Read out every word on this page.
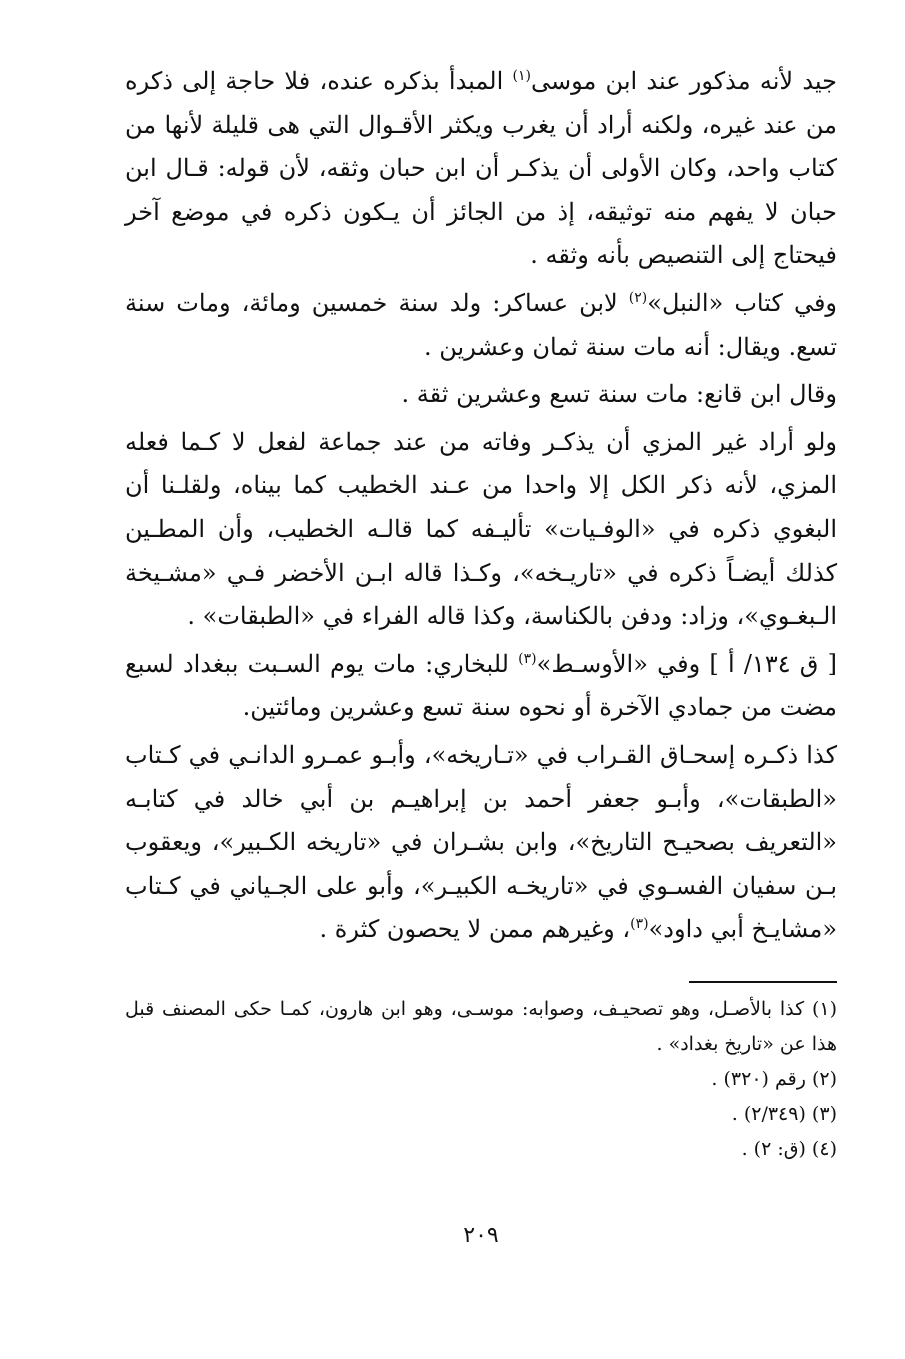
جيد لأنه مذكور عند ابن موسى$^{(١)}$ المبدأ بذكره عنده، فلا حاجة إلى ذكره من عند غيره، ولكنه أراد أن يغرب ويكثر الأقـوال التي هى قليلة لأنها من كتاب واحد، وكان الأولى أن يذكـر أن ابن حبان وثقه، لأن قوله: قـال ابن حبان لا يفهم منه توثيقه، إذ من الجائز أن يـكون ذكره في موضع آخر فيحتاج إلى التنصيص بأنه وثقه .

وفي كتاب «النبل»$^{(٢)}$ لابن عساكر: ولد سنة خمسين ومائة، ومات سنة تسع. ويقال: أنه مات سنة ثمان وعشرين .

وقال ابن قانع: مات سنة تسع وعشرين ثقة .

ولو أراد غير المزي أن يذكـر وفاته من عند جماعة لفعل لا كـما فعله المزي، لأنه ذكر الكل إلا واحدا من عـند الخطيب كما بيناه، ولقلـنا أن البغوي ذكره في «الوفـيات» تأليـفه كما قالـه الخطيب، وأن المطـين كذلك أيضـاً ذكره في «تاريـخه»، وكـذا قاله ابـن الأخضر فـي «مشـيخة الـبغـوي»، وزاد: ودفن بالكناسة، وكذا قاله الفراء في «الطبقات» .

[ ق ١٣٤/ أ ] وفي «الأوسـط»$^{(٣)}$ للبخاري: مات يوم السـبت ببغداد لسبع مضت من جمادي الآخرة أو نحوه سنة تسع وعشرين ومائتين.

كذا ذكـره إسحـاق القـراب في «تـاريخه»، وأبـو عمـرو الدانـي في كـتاب «الطبقات»، وأبـو جعفر أحمد بن إبراهيـم بن أبي خالد في كتابـه «التعريف بصحيـح التاريخ»، وابن بشـران في «تاريخه الكـبير»، ويعقوب بـن سفيان الفسـوي في «تاريخـه الكبيـر»، وأبو على الجـياني في كـتاب «مشايـخ أبي داود»$^{(٣)}$، وغيرهم ممن لا يحصون كثرة .

(١) كذا بالأصـل، وهو تصحيـف، وصوابه: موسـى، وهو ابن هارون، كمـا حكى المصنف قبل هذا عن «تاريخ بغداد» .

(٢) رقم (٣٢٠) .

(٣) (٢/٣٤٩) .

(٤) (ق: ٢) .

٢٠٩
